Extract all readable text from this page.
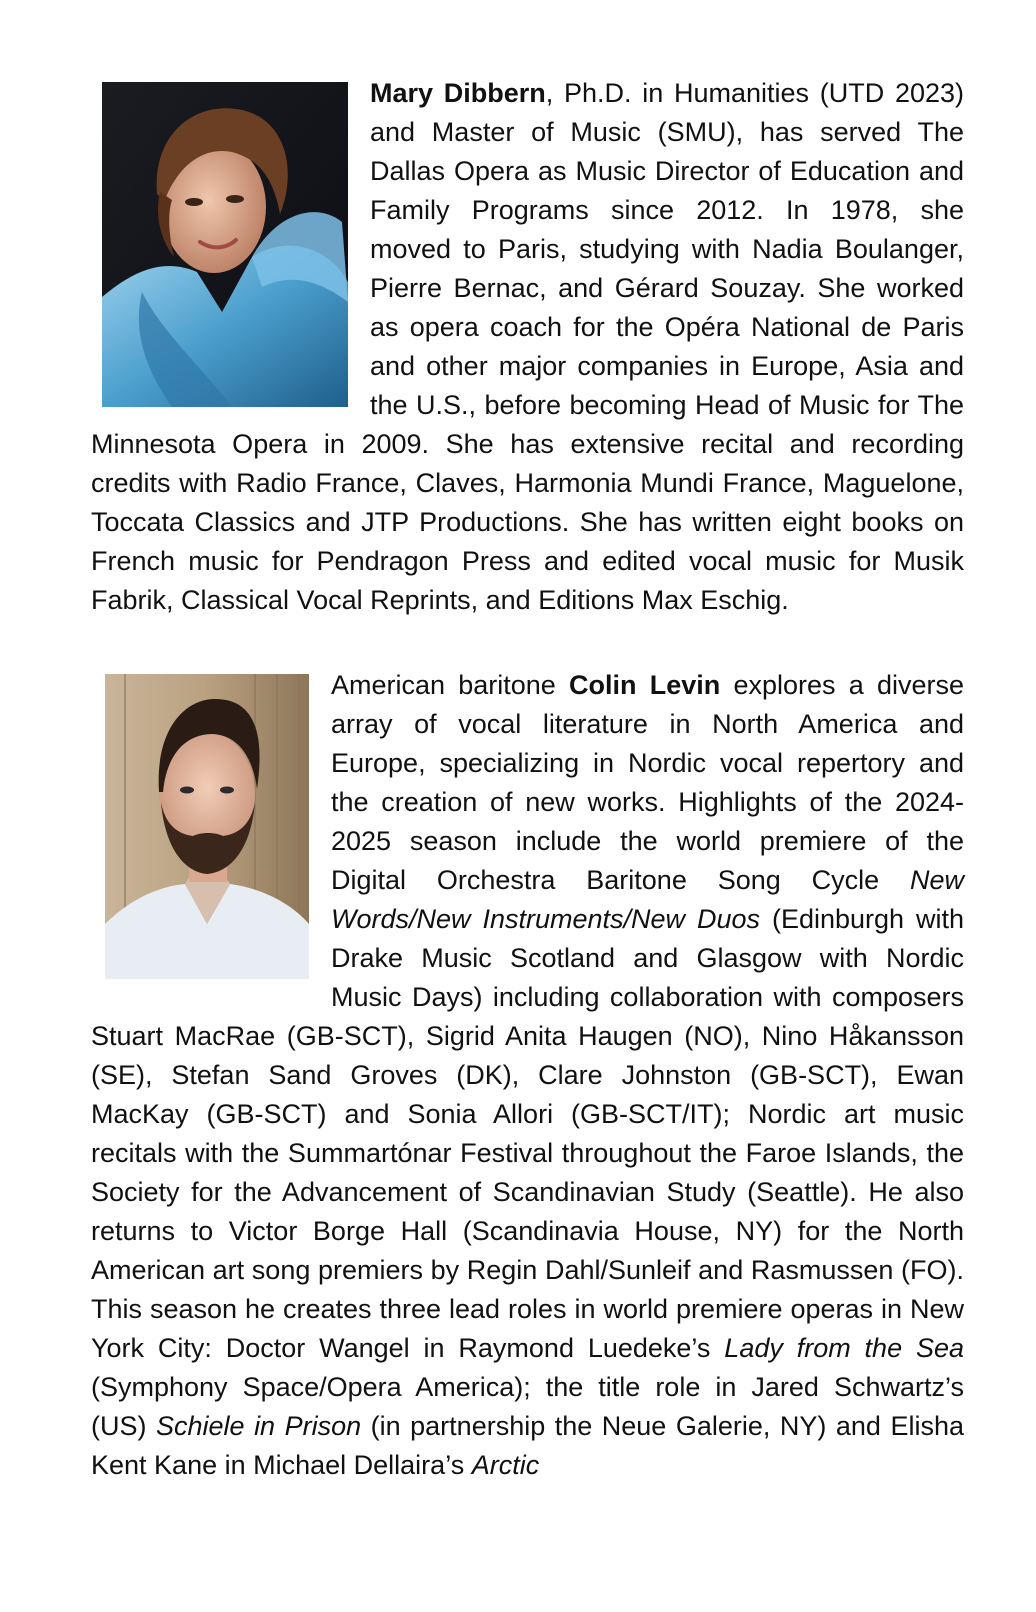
Mary Dibbern, Ph.D. in Humanities (UTD 2023) and Master of Music (SMU), has served The Dallas Opera as Music Director of Education and Family Programs since 2012. In 1978, she moved to Paris, studying with Nadia Boulanger, Pierre Bernac, and Gérard Souzay. She worked as opera coach for the Opéra National de Paris and other major companies in Europe, Asia and the U.S., before becoming Head of Music for The Minnesota Opera in 2009. She has extensive recital and recording credits with Radio France, Claves, Harmonia Mundi France, Maguelone, Toccata Classics and JTP Productions. She has written eight books on French music for Pendragon Press and edited vocal music for Musik Fabrik, Classical Vocal Reprints, and Editions Max Eschig.

American baritone Colin Levin explores a diverse array of vocal literature in North America and Europe, specializing in Nordic vocal repertory and the creation of new works. Highlights of the 2024-2025 season include the world premiere of the Digital Orchestra Baritone Song Cycle New Words/New Instruments/New Duos (Edinburgh with Drake Music Scotland and Glasgow with Nordic Music Days) including collaboration with composers Stuart MacRae (GB-SCT), Sigrid Anita Haugen (NO), Nino Håkansson (SE), Stefan Sand Groves (DK), Clare Johnston (GB-SCT), Ewan MacKay (GB-SCT) and Sonia Allori (GB-SCT/IT); Nordic art music recitals with the Summartónar Festival throughout the Faroe Islands, the Society for the Advancement of Scandinavian Study (Seattle). He also returns to Victor Borge Hall (Scandinavia House, NY) for the North American art song premiers by Regin Dahl/Sunleif and Rasmussen (FO). This season he creates three lead roles in world premiere operas in New York City: Doctor Wangel in Raymond Luedeke’s Lady from the Sea (Symphony Space/Opera America); the title role in Jared Schwartz’s (US) Schiele in Prison (in partnership the Neue Galerie, NY) and Elisha Kent Kane in Michael Dellaira’s Arctic
